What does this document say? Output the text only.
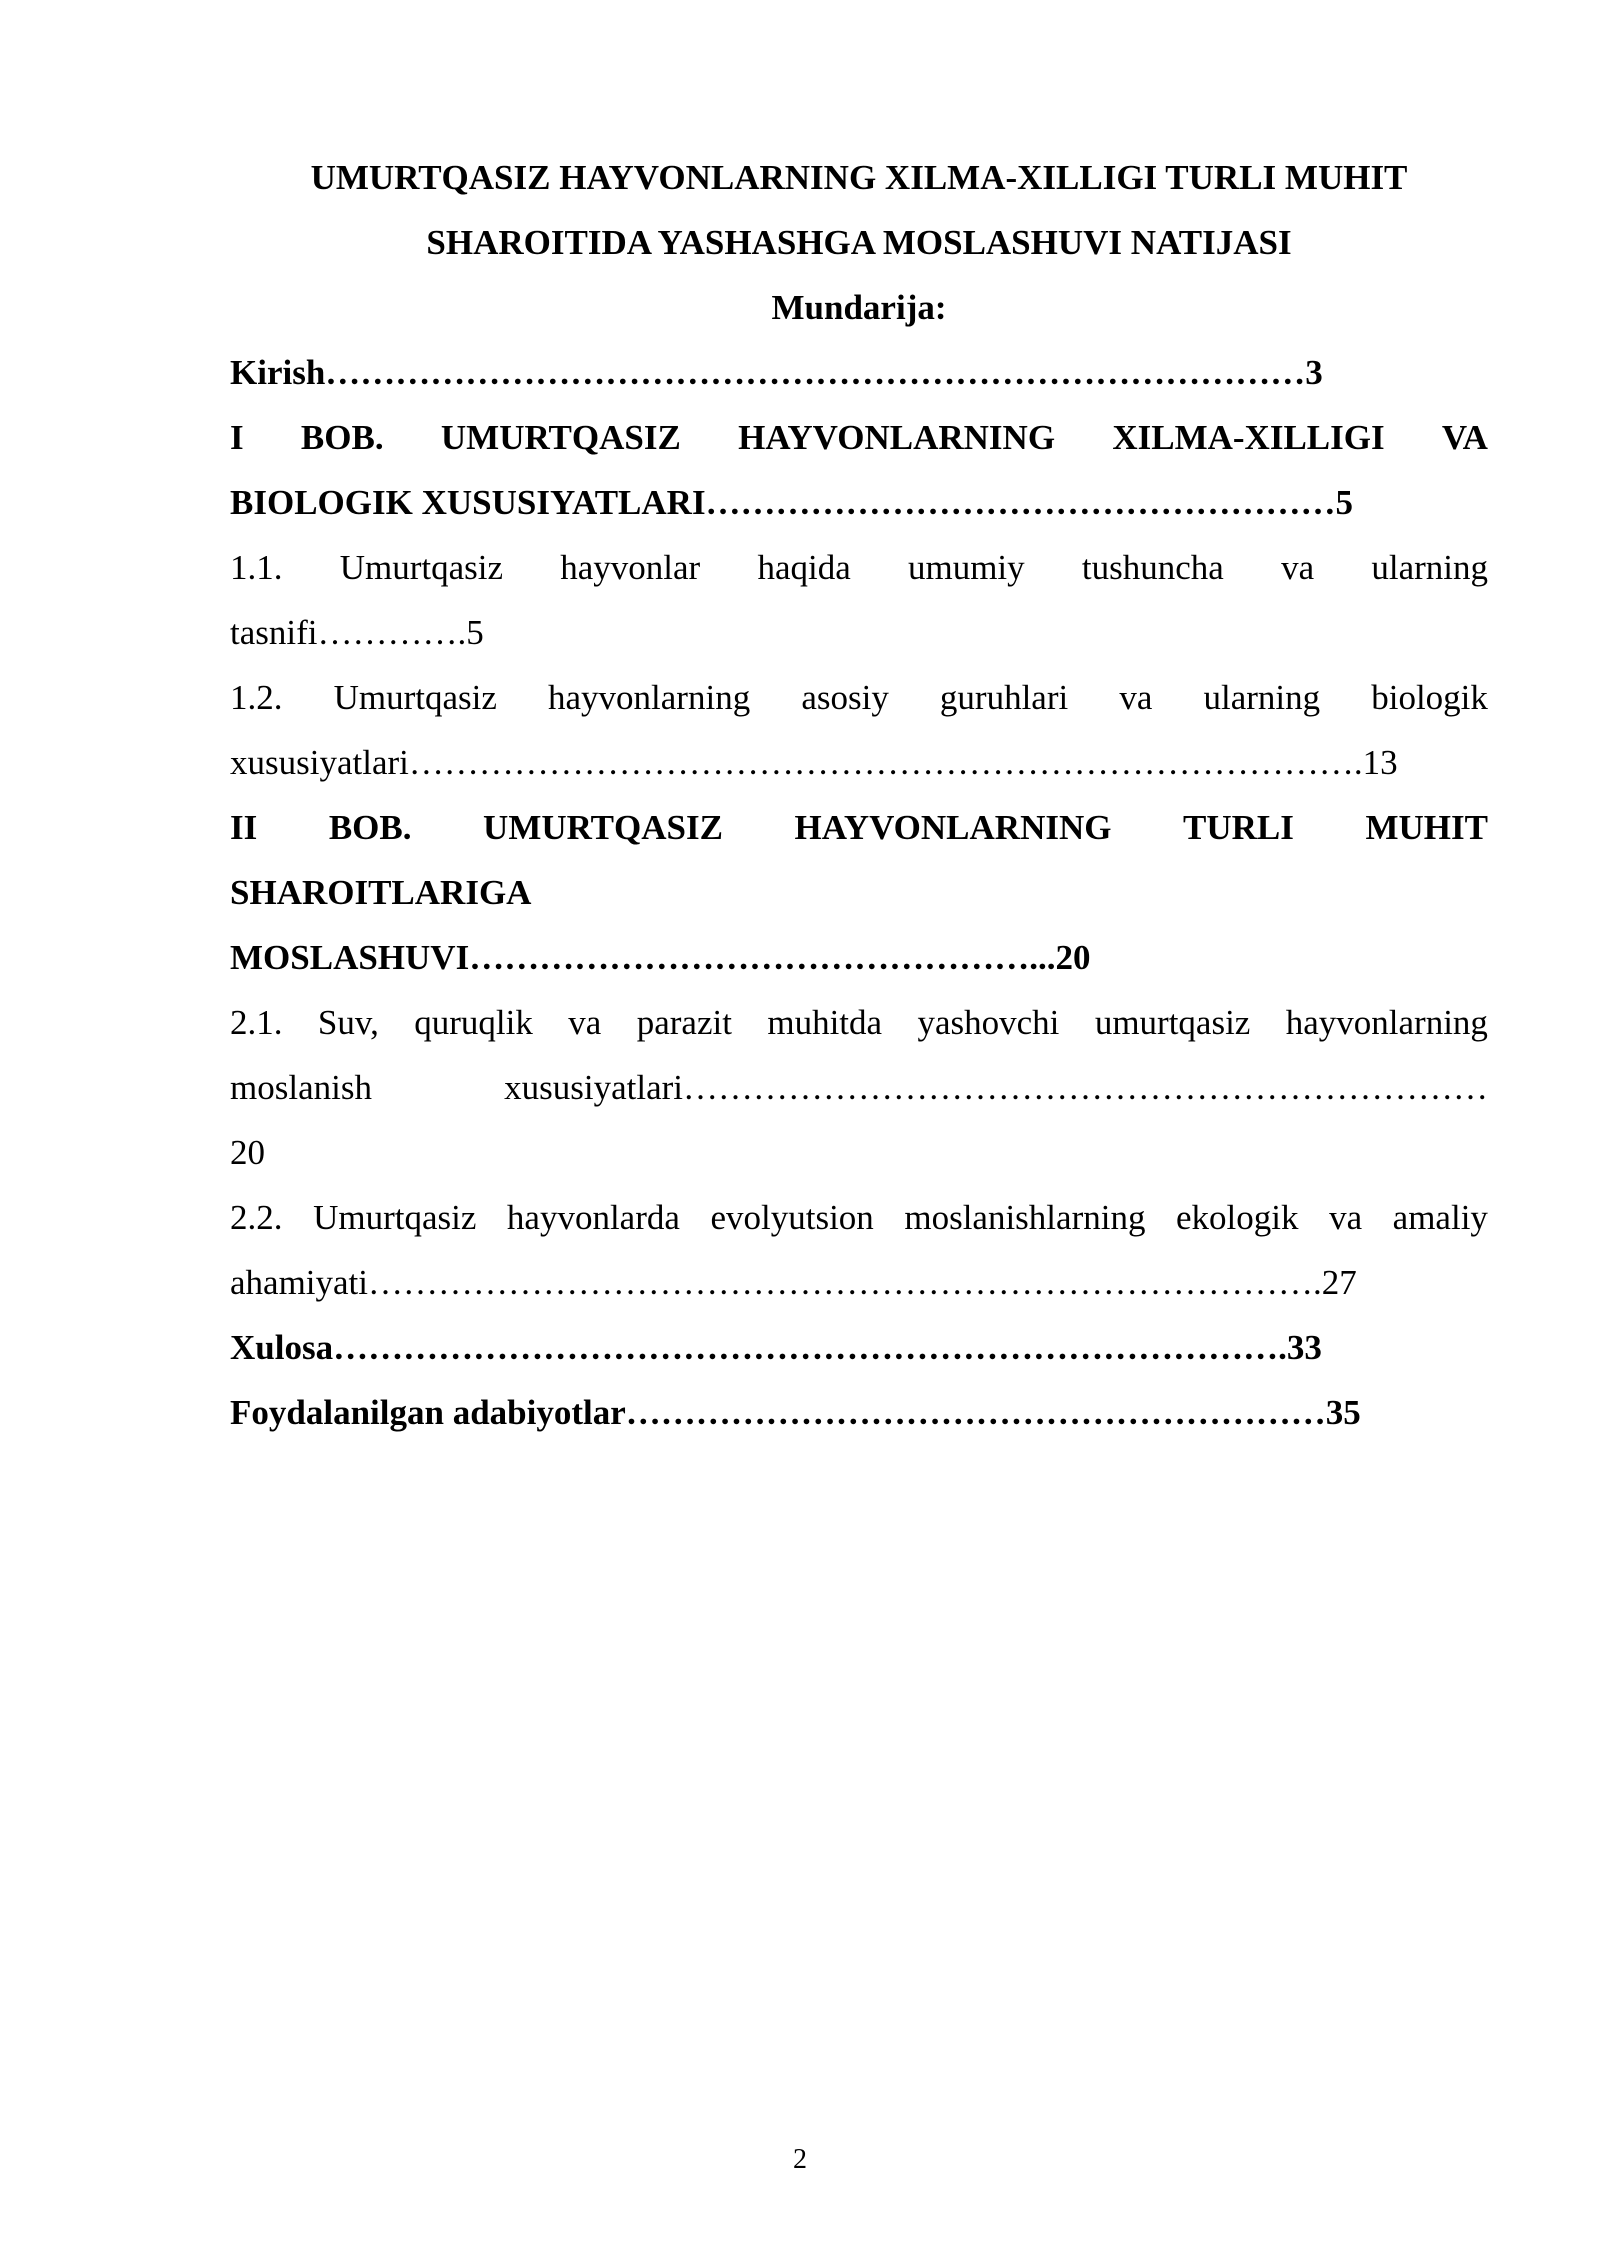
UMURTQASIZ HAYVONLARNING XILMA-XILLIGI TURLI MUHIT

SHAROITIDA YASHASHGA MOSLASHUVI NATIJASI

Mundarija:

Kirish…………………………………………………………………………3

I BOB. UMURTQASIZ HAYVONLARNING XILMA-XILLIGI VA

BIOLOGIK XUSUSIYATLARI………………………………………………5

1.1. Umurtqasiz hayvonlar haqida umumiy tushuncha va ularning

tasnifi………….5

1.2. Umurtqasiz hayvonlarning asosiy guruhlari va ularning biologik

xususiyatlari……………………………………………………………………….13

II BOB. UMURTQASIZ HAYVONLARNING TURLI MUHIT

SHAROITLARIGA

MOSLASHUVI…………………………………………...20

2.1. Suv, quruqlik va parazit muhitda yashovchi umurtqasiz hayvonlarning
moslanish	xususiyatlari……………………………………………………………

20

2.2. Umurtqasiz hayvonlarda evolyutsion moslanishlarning ekologik va amaliy

ahamiyati……………………………………………………………………….27

Xulosa……………………………………………………………………….33

Foydalanilgan adabiyotlar……………………………………………………35

2
